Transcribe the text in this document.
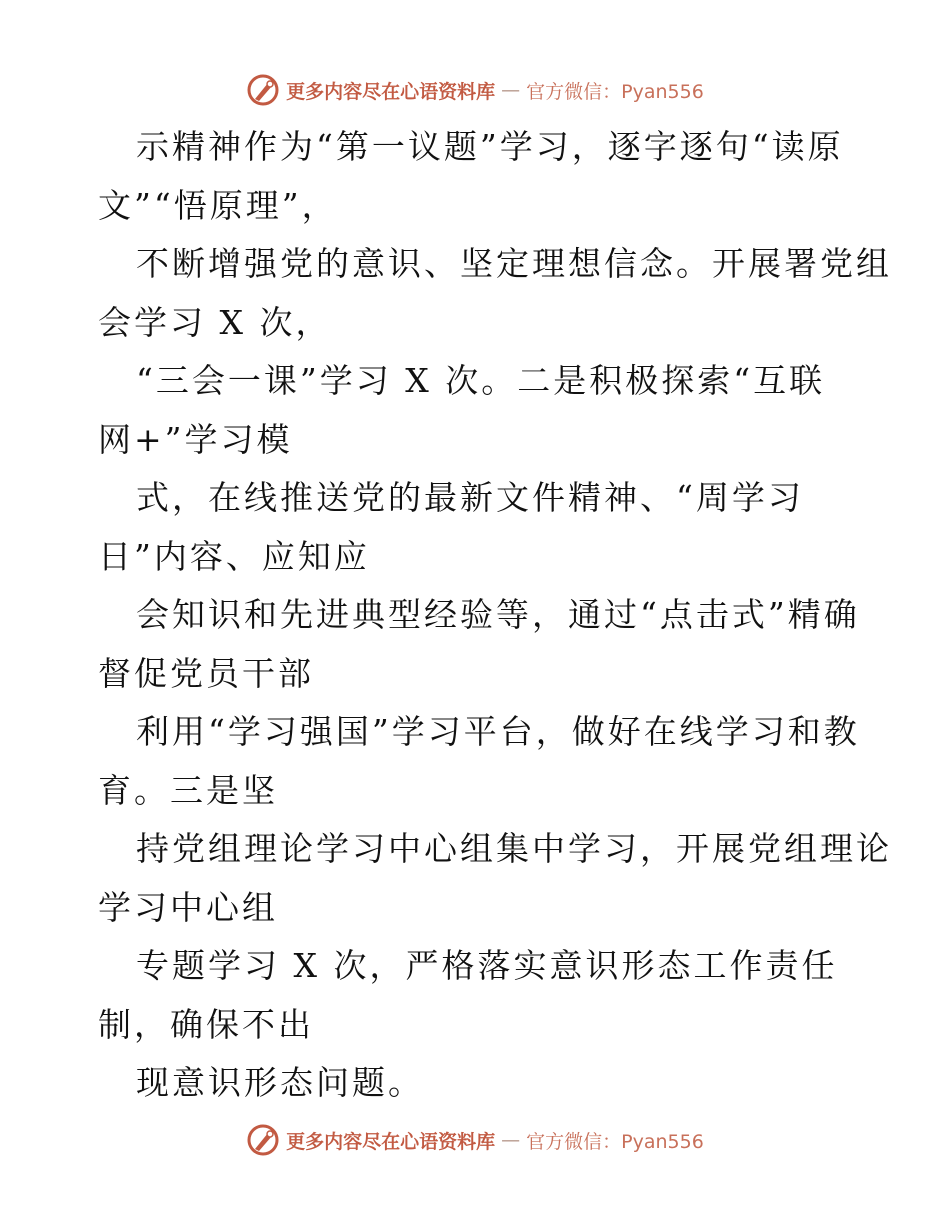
更多内容尽在心语资料库 — 官方微信：Pyan556
示精神作为“第一议题”学习，逐字逐句“读原
文”“悟原理”，
不断增强党的意识、坚定理想信念。开展署党组
会学习 X 次，
“三会一课”学习 X 次。二是积极探索“互联
网+”学习模
式，在线推送党的最新文件精神、“周学习
日”内容、应知应
会知识和先进典型经验等，通过“点击式”精确
督促党员干部
利用“学习强国”学习平台，做好在线学习和教
育。三是坚
持党组理论学习中心组集中学习，开展党组理论
学习中心组
专题学习 X 次，严格落实意识形态工作责任
制，确保不出
现意识形态问题。
更多内容尽在心语资料库 — 官方微信：Pyan556
